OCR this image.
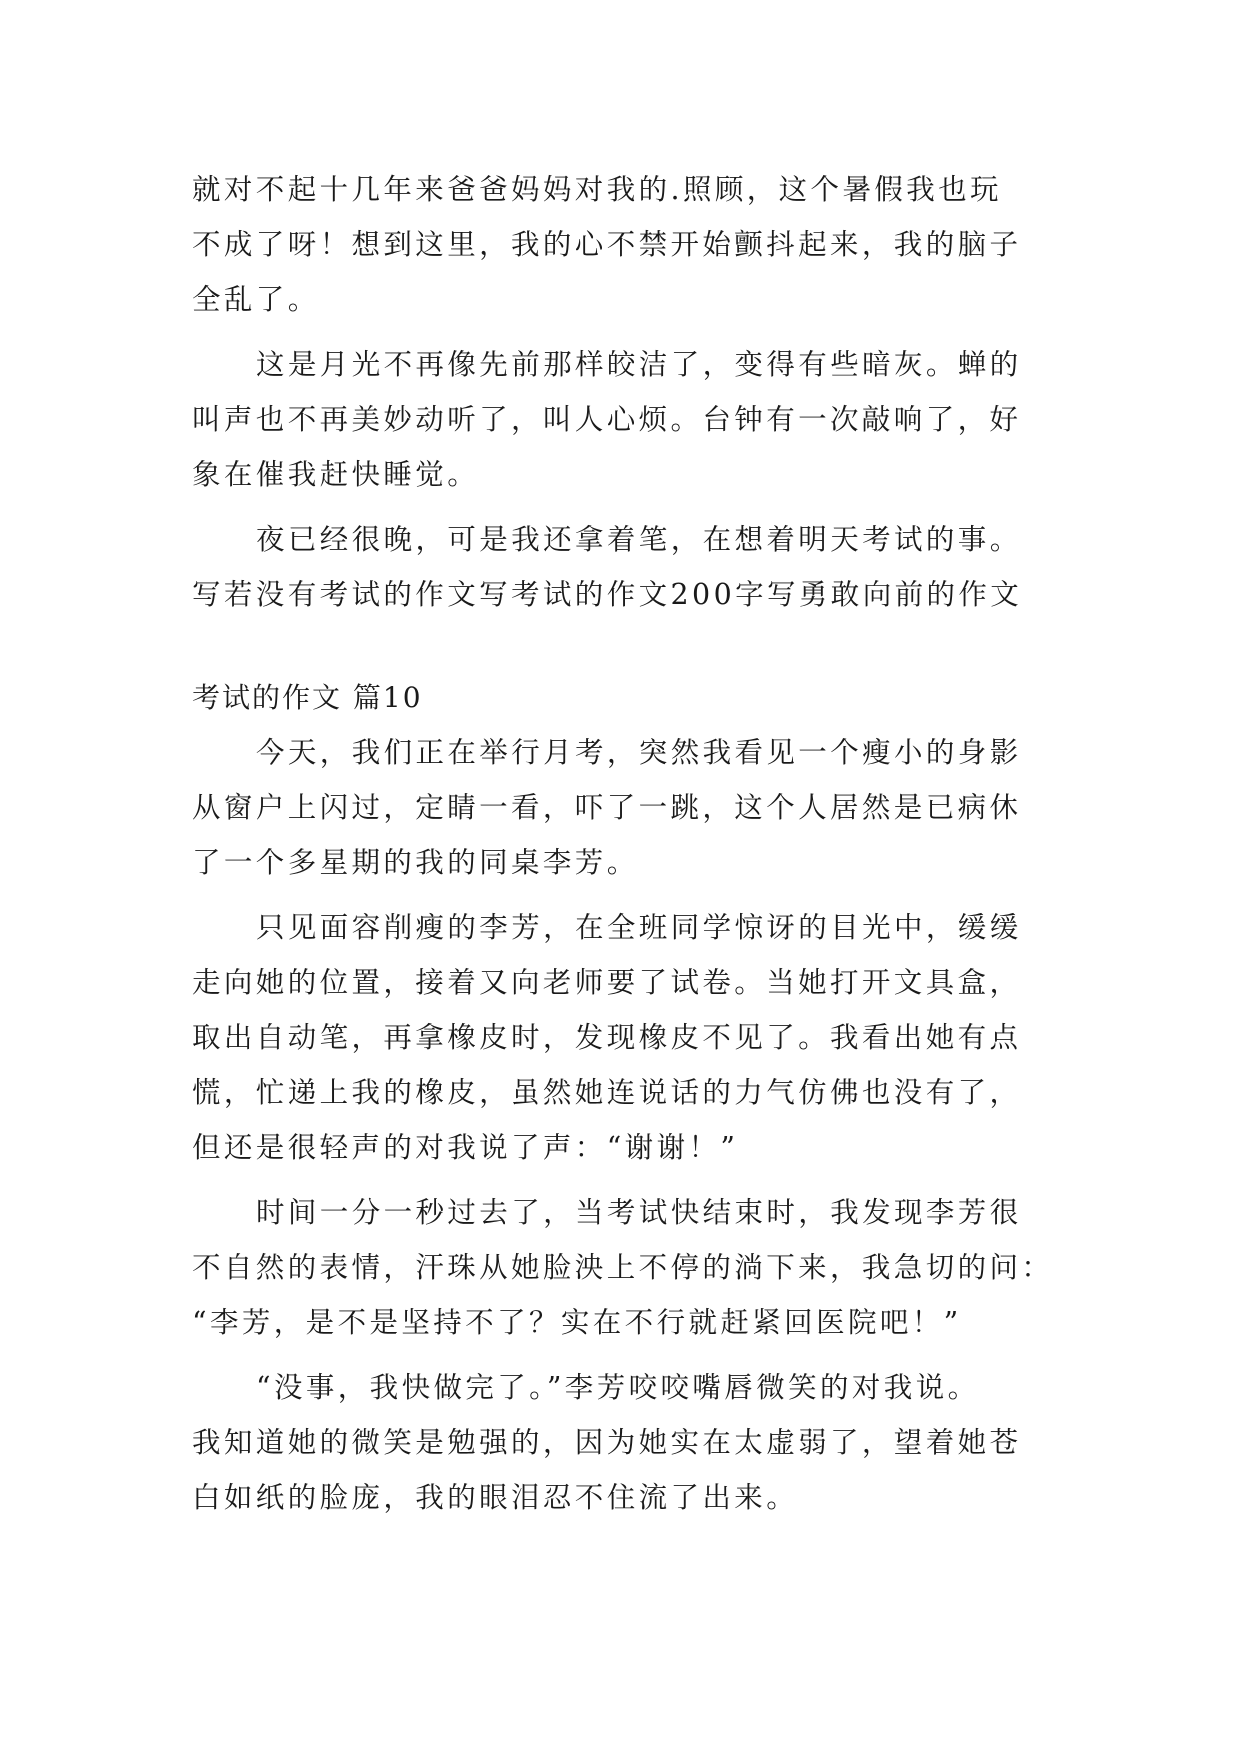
就对不起十几年来爸爸妈妈对我的.照顾，这个暑假我也玩
不成了呀！想到这里，我的心不禁开始颤抖起来，我的脑子
全乱了。
这是月光不再像先前那样皎洁了，变得有些暗灰。蝉的
叫声也不再美妙动听了，叫人心烦。台钟有一次敲响了，好
象在催我赶快睡觉。
夜已经很晚，可是我还拿着笔，在想着明天考试的事。
写若没有考试的作文写考试的作文200字写勇敢向前的作文
考试的作文 篇10
今天，我们正在举行月考，突然我看见一个瘦小的身影
从窗户上闪过，定睛一看，吓了一跳，这个人居然是已病休
了一个多星期的我的同桌李芳。
只见面容削瘦的李芳，在全班同学惊讶的目光中，缓缓
走向她的位置，接着又向老师要了试卷。当她打开文具盒，
取出自动笔，再拿橡皮时，发现橡皮不见了。我看出她有点
慌，忙递上我的橡皮，虽然她连说话的力气仿佛也没有了，
但还是很轻声的对我说了声：“谢谢！”
时间一分一秒过去了，当考试快结束时，我发现李芳很
不自然的表情，汗珠从她脸泱上不停的淌下来，我急切的问：
“李芳，是不是坚持不了？实在不行就赶紧回医院吧！”
“没事，我快做完了。”李芳咬咬嘴唇微笑的对我说。
我知道她的微笑是勉强的，因为她实在太虚弱了，望着她苍
白如纸的脸庞，我的眼泪忍不住流了出来。
